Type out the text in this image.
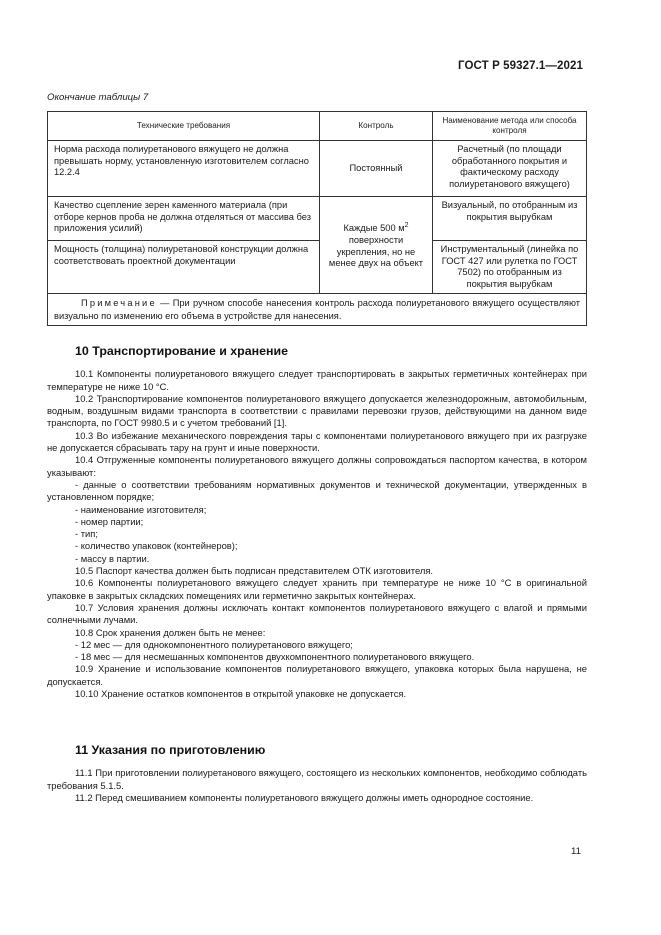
ГОСТ Р 59327.1—2021
Окончание таблицы 7
Технические требования	Контроль	Наименование метода или способа контроля
Норма расхода полиуретанового вяжущего не должна превышать норму, установленную изготовителем согласно 12.2.4	Постоянный	Расчетный (по площади обработанного покрытия и фактическому расходу полиуретанового вяжущего)
Качество сцепление зерен каменного материала (при отборе кернов проба не должна отделяться от массива без приложения усилий)	Каждые 500 $м^2$ поверхности укрепления, но не менее двух на объект	Визуальный, по отобранным из покрытия вырубкам
Мощность (толщина) полиуретановой конструкции должна соответствовать проектной документации		Инструментальный (линейка по ГОСТ 427 или рулетка по ГОСТ 7502) по отобранным из покрытия вырубкам
Примечание — При ручном способе нанесения контроль расхода полиуретанового вяжущего осуществляют визуально по изменению его объема в устройстве для нанесения.		
10 Транспортирование и хранение

10.1 Компоненты полиуретанового вяжущего следует транспортировать в закрытых герметичных контейнерах при температуре не ниже 10 °С.

10.2 Транспортирование компонентов полиуретанового вяжущего допускается железнодорожным, автомобильным, водным, воздушным видами транспорта в соответствии с правилами перевозки грузов, действующими на данном виде транспорта, по ГОСТ 9980.5 и с учетом требований [1].

10.3 Во избежание механического повреждения тары с компонентами полиуретанового вяжущего при их разгрузке не допускается сбрасывать тару на грунт и иные поверхности.

10.4 Отгруженные компоненты полиуретанового вяжущего должны сопровождаться паспортом качества, в котором указывают:

- данные о соответствии требованиям нормативных документов и технической документации, утвержденных в установленном порядке;

- наименование изготовителя;

- номер партии;

- тип;

- количество упаковок (контейнеров);

- массу в партии.

10.5 Паспорт качества должен быть подписан представителем ОТК изготовителя.

10.6 Компоненты полиуретанового вяжущего следует хранить при температуре не ниже 10 °С в оригинальной упаковке в закрытых складских помещениях или герметично закрытых контейнерах.

10.7 Условия хранения должны исключать контакт компонентов полиуретанового вяжущего с влагой и прямыми солнечными лучами.

10.8 Срок хранения должен быть не менее:

- 12 мес — для однокомпонентного полиуретанового вяжущего;

- 18 мес — для несмешанных компонентов двухкомпонентного полиуретанового вяжущего.

10.9 Хранение и использование компонентов полиуретанового вяжущего, упаковка которых была нарушена, не допускается.

10.10 Хранение остатков компонентов в открытой упаковке не допускается.

11 Указания по приготовлению

11.1 При приготовлении полиуретанового вяжущего, состоящего из нескольких компонентов, необходимо соблюдать требования 5.1.5.

11.2 Перед смешиванием компоненты полиуретанового вяжущего должны иметь однородное состояние.

11
